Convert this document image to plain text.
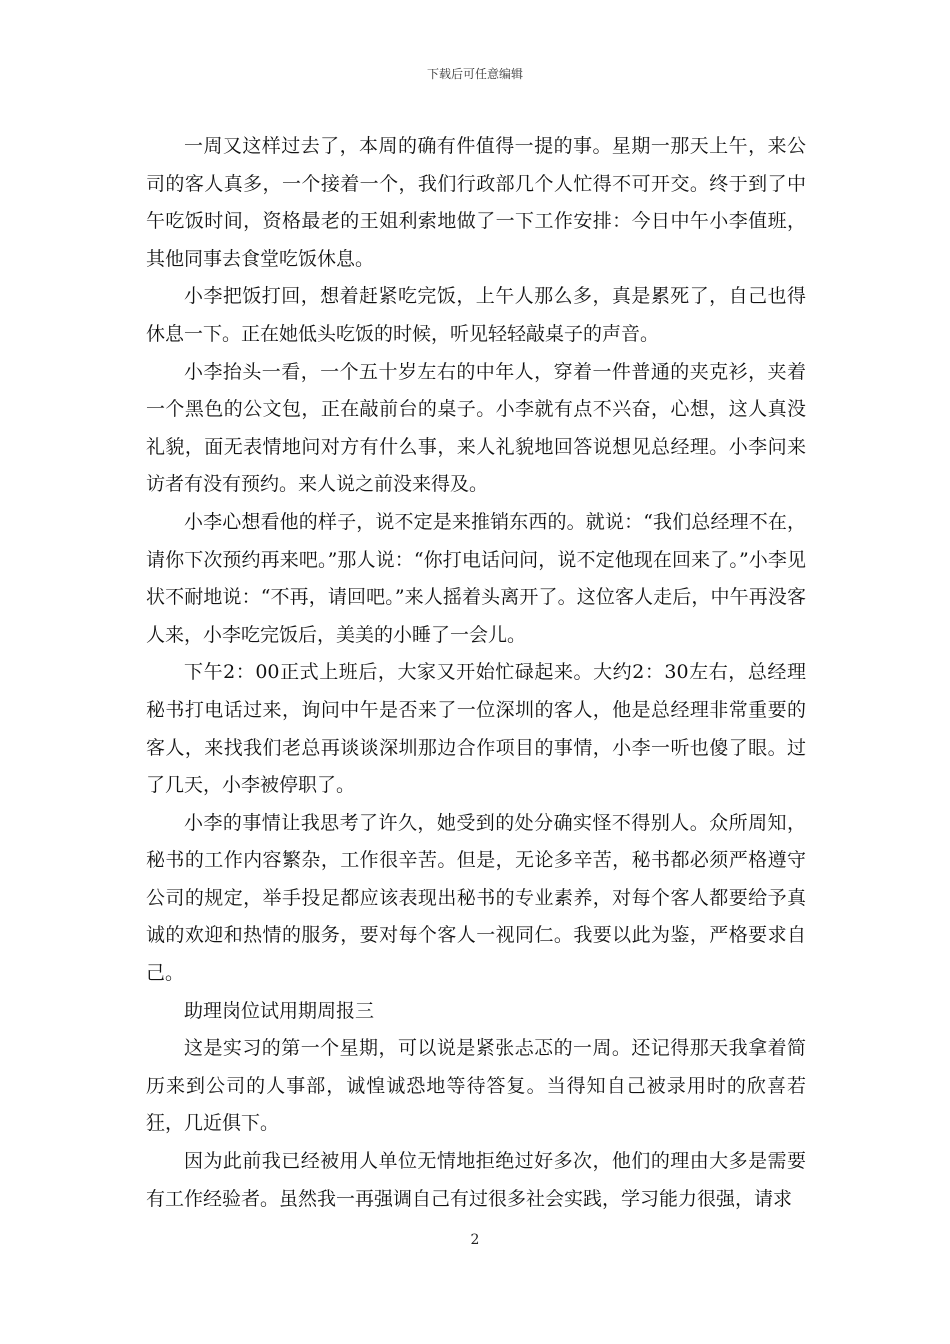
下载后可任意编辑

一周又这样过去了，本周的确有件值得一提的事。星期一那天上午，来公司的客人真多，一个接着一个，我们行政部几个人忙得不可开交。终于到了中午吃饭时间，资格最老的王姐利索地做了一下工作安排：今日中午小李值班，其他同事去食堂吃饭休息。

小李把饭打回，想着赶紧吃完饭，上午人那么多，真是累死了，自己也得休息一下。正在她低头吃饭的时候，听见轻轻敲桌子的声音。

小李抬头一看，一个五十岁左右的中年人，穿着一件普通的夹克衫，夹着一个黑色的公文包，正在敲前台的桌子。小李就有点不兴奋，心想，这人真没礼貌，面无表情地问对方有什么事，来人礼貌地回答说想见总经理。小李问来访者有没有预约。来人说之前没来得及。

小李心想看他的样子，说不定是来推销东西的。就说：“我们总经理不在，请你下次预约再来吧。”那人说：“你打电话问问，说不定他现在回来了。”小李见状不耐地说：“不再，请回吧。”来人摇着头离开了。这位客人走后，中午再没客人来，小李吃完饭后，美美的小睡了一会儿。

下午2：00正式上班后，大家又开始忙碌起来。大约2：30左右，总经理秘书打电话过来，询问中午是否来了一位深圳的客人，他是总经理非常重要的客人，来找我们老总再谈谈深圳那边合作项目的事情，小李一听也傻了眼。过了几天，小李被停职了。

小李的事情让我思考了许久，她受到的处分确实怪不得别人。众所周知，秘书的工作内容繁杂，工作很辛苦。但是，无论多辛苦，秘书都必须严格遵守公司的规定，举手投足都应该表现出秘书的专业素养，对每个客人都要给予真诚的欢迎和热情的服务，要对每个客人一视同仁。我要以此为鉴，严格要求自己。

助理岗位试用期周报三

这是实习的第一个星期，可以说是紧张忐忑的一周。还记得那天我拿着简历来到公司的人事部，诚惶诚恐地等待答复。当得知自己被录用时的欣喜若狂，几近俱下。

因为此前我已经被用人单位无情地拒绝过好多次，他们的理由大多是需要有工作经验者。虽然我一再强调自己有过很多社会实践，学习能力很强，请求

2
